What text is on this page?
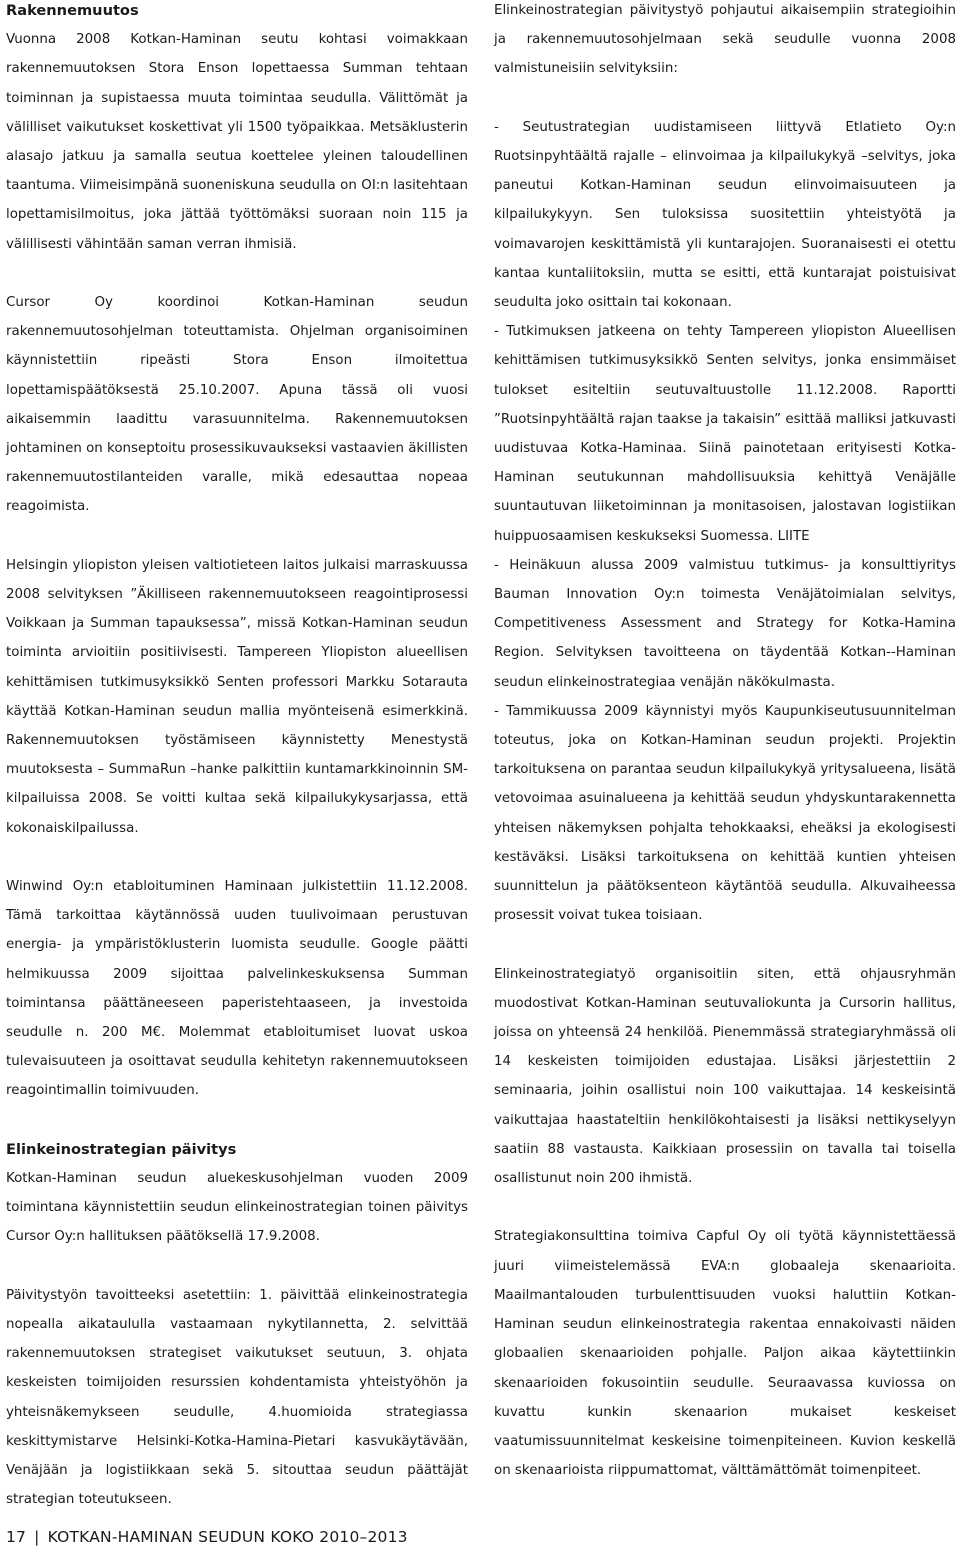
Rakennemuutos

Vuonna 2008 Kotkan-Haminan seutu kohtasi voimakkaan rakennemuutoksen Stora Enson lopettaessa Summan tehtaan toiminnan ja supistaessa muuta toimintaa seudulla. Välittömät ja välilliset vaikutukset koskettivat yli 1500 työpaikkaa. Metsäklusterin alasajo jatkuu ja samalla seutua koettelee yleinen taloudellinen taantuma. Viimeisimpänä suoneniskuna seudulla on OI:n lasitehtaan lopettamisilmoitus, joka jättää työttömäksi suoraan noin 115 ja välillisesti vähintään saman verran ihmisiä.

Cursor Oy koordinoi Kotkan-Haminan seudun rakennemuutosohjelman toteuttamista. Ohjelman organisoiminen käynnistettiin ripeästi Stora Enson ilmoitettua lopettamispäätöksestä 25.10.2007. Apuna tässä oli vuosi aikaisemmin laadittu varasuunnitelma. Rakennemuutoksen johtaminen on konseptoitu prosessikuvaukseksi vastaavien äkillisten rakennemuutostilanteiden varalle, mikä edesauttaa nopeaa reagoimista.

Helsingin yliopiston yleisen valtiotieteen laitos julkaisi marraskuussa 2008 selvityksen ”Äkilliseen rakennemuutokseen reagointiprosessi Voikkaan ja Summan tapauksessa”, missä Kotkan-Haminan seudun toiminta arvioitiin positiivisesti. Tampereen Yliopiston alueellisen kehittämisen tutkimusyksikkö Senten professori Markku Sotarauta käyttää Kotkan-Haminan seudun mallia myönteisenä esimerkkinä. Rakennemuutoksen työstämiseen käynnistetty Menestystä muutoksesta – SummaRun –hanke palkittiin kuntamarkkinoinnin SM-kilpailuissa 2008. Se voitti kultaa sekä kilpailukykysarjassa, että kokonaiskilpailussa.

Winwind Oy:n etabloituminen Haminaan julkistettiin 11.12.2008. Tämä tarkoittaa käytännössä uuden tuulivoimaan perustuvan energia- ja ympäristöklusterin luomista seudulle. Google päätti helmikuussa 2009 sijoittaa palvelinkeskuksensa Summan toimintansa päättäneeseen paperistehtaaseen, ja investoida seudulle n. 200 M€. Molemmat etabloitumiset luovat uskoa tulevaisuuteen ja osoittavat seudulla kehitetyn rakennemuutokseen reagointimallin toimivuuden.

Elinkeinostrategian päivitys

Kotkan-Haminan seudun aluekeskusohjelman vuoden 2009 toimintana käynnistettiin seudun elinkeinostrategian toinen päivitys Cursor Oy:n hallituksen päätöksellä 17.9.2008.

Päivitystyön tavoitteeksi asetettiin: 1. päivittää elinkeinostrategia nopealla aikataululla vastaamaan nykytilannetta, 2. selvittää rakennemuutoksen strategiset vaikutukset seutuun, 3. ohjata keskeisten toimijoiden resurssien kohdentamista yhteistyöhön ja yhteisnäkemykseen seudulle, 4.huomioida strategiassa keskittymistarve Helsinki-Kotka-Hamina-Pietari kasvukäytävään, Venäjään ja logistiikkaan sekä 5. sitouttaa seudun päättäjät strategian toteutukseen.

Elinkeinostrategian päivitystyö pohjautui aikaisempiin strategioihin ja rakennemuutosohjelmaan sekä seudulle vuonna 2008 valmistuneisiin selvityksiin:

- Seutustrategian uudistamiseen liittyvä Etlatieto Oy:n Ruotsinpyhtäältä rajalle – elinvoimaa ja kilpailukykyä –selvitys, joka paneutui Kotkan-Haminan seudun elinvoimaisuuteen ja kilpailukykyyn. Sen tuloksissa suositettiin yhteistyötä ja voimavarojen keskittämistä yli kuntarajojen. Suoranaisesti ei otettu kantaa kuntaliitoksiin, mutta se esitti, että kuntarajat poistuisivat seudulta joko osittain tai kokonaan.

- Tutkimuksen jatkeena on tehty Tampereen yliopiston Alueellisen kehittämisen tutkimusyksikkö Senten selvitys, jonka ensimmäiset tulokset esiteltiin seutuvaltuustolle 11.12.2008. Raportti ”Ruotsinpyhtäältä rajan taakse ja takaisin” esittää malliksi jatkuvasti uudistuvaa Kotka-Haminaa. Siinä painotetaan erityisesti Kotka-Haminan seutukunnan mahdollisuuksia kehittyä Venäjälle suuntautuvan liiketoiminnan ja monitasoisen, jalostavan logistiikan huippuosaamisen keskukseksi Suomessa. LIITE

- Heinäkuun alussa 2009 valmistuu tutkimus- ja konsulttiyritys Bauman Innovation Oy:n toimesta Venäjätoimialan selvitys, Competitiveness Assessment and Strategy for Kotka-Hamina Region. Selvityksen tavoitteena on täydentää Kotkan--Haminan seudun elinkeinostrategiaa venäjän näkökulmasta.

- Tammikuussa 2009 käynnistyi myös Kaupunkiseutusuunnitelman toteutus, joka on Kotkan-Haminan seudun projekti. Projektin tarkoituksena on parantaa seudun kilpailukykyä yritysalueena, lisätä vetovoimaa asuinalueena ja kehittää seudun yhdyskuntarakennetta yhteisen näkemyksen pohjalta tehokkaaksi, eheäksi ja ekologisesti kestäväksi. Lisäksi tarkoituksena on kehittää kuntien yhteisen suunnittelun ja päätöksenteon käytäntöä seudulla. Alkuvaiheessa prosessit voivat tukea toisiaan.

Elinkeinostrategiatyö organisoitiin siten, että ohjausryhmän muodostivat Kotkan-Haminan seutuvaliokunta ja Cursorin hallitus, joissa on yhteensä 24 henkilöä. Pienemmässä strategiaryhmässä oli 14 keskeisten toimijoiden edustajaa. Lisäksi järjestettiin 2 seminaaria, joihin osallistui noin 100 vaikuttajaa. 14 keskeisintä vaikuttajaa haastateltiin henkilökohtaisesti ja lisäksi nettikyselyyn saatiin 88 vastausta. Kaikkiaan prosessiin on tavalla tai toisella osallistunut noin 200 ihmistä.

Strategiakonsulttina toimiva Capful Oy oli työtä käynnistettäessä juuri viimeistelemässä EVA:n globaaleja skenaarioita. Maailmantalouden turbulenttisuuden vuoksi haluttiin Kotkan-Haminan seudun elinkeinostrategia rakentaa ennakoivasti näiden globaalien skenaarioiden pohjalle. Paljon aikaa käytettiinkin skenaarioiden fokusointiin seudulle. Seuraavassa kuviossa on kuvattu kunkin skenaarion mukaiset keskeiset vaatumissuunnitelmat keskeisine toimenpiteineen. Kuvion keskellä on skenaarioista riippumattomat, välttämättömät toimenpiteet.

17 | KOTKAN-HAMINAN SEUDUN KOKO 2010–2013
